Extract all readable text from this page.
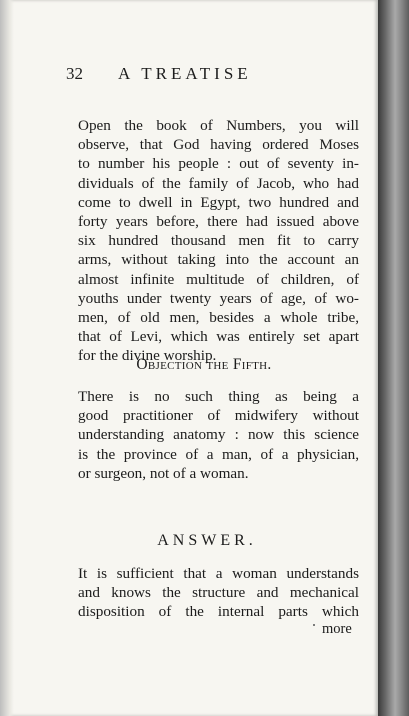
32 A TREATISE

Open the book of Numbers, you will
observe, that God having ordered Moses
to number his people : out of seventy in-
dividuals of the family of Jacob, who had
come to dwell in Egypt, two hundred and
forty years before, there had issued above
six hundred thousand men fit to carry
arms, without taking into the account an
almost infinite multitude of children, of
youths under twenty years of age, of wo-
men, of old men, besides a whole tribe,
that of Levi, which was entirely set apart
for the divine worship.

Objection the Fifth.

There is no such thing as being a
good practitioner of midwifery without
understanding anatomy : now this science
is the province of a man, of a physician,
or surgeon, not of a woman.

ANSWER.

It is sufficient that a woman understands
and knows the structure and mechanical
disposition of the internal parts which

more
